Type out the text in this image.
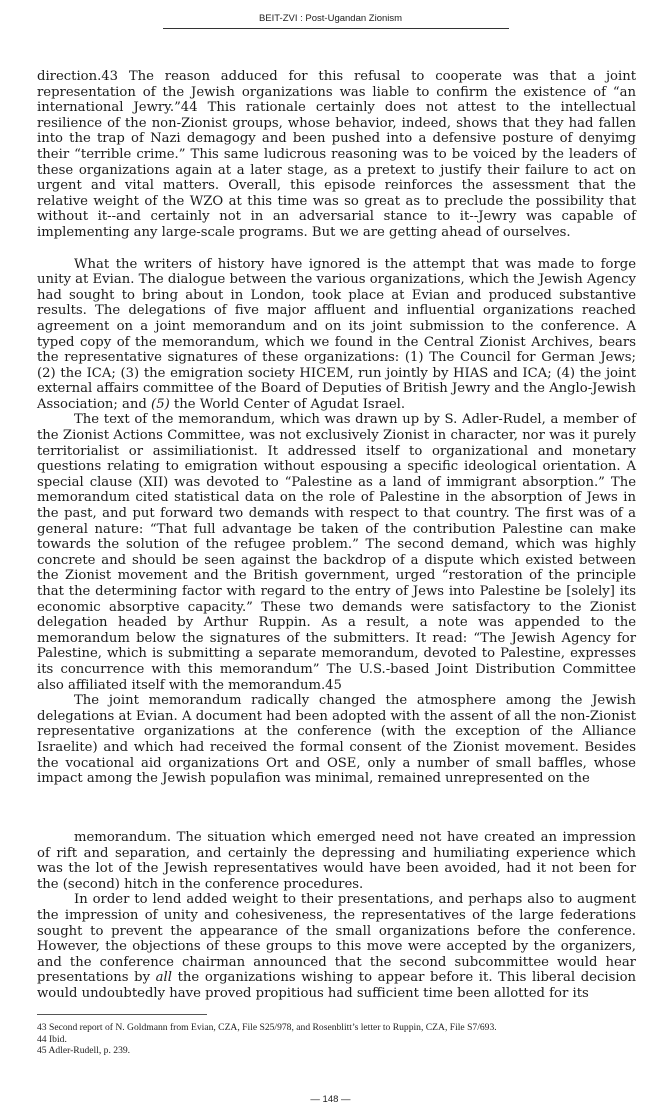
BEIT-ZVI : Post-Ugandan Zionism

direction.43 The reason adduced for this refusal to cooperate was that a joint representation of the Jewish organizations was liable to confirm the existence of “an international Jewry.”44 This rationale certainly does not attest to the intellectual resilience of the non-Zionist groups, whose behavior, indeed, shows that they had fallen into the trap of Nazi demagogy and been pushed into a defensive posture of denyimg their “terrible crime.” This same ludicrous reasoning was to be voiced by the leaders of these organizations again at a later stage, as a pretext to justify their failure to act on urgent and vital matters. Overall, this episode reinforces the assessment that the relative weight of the WZO at this time was so great as to preclude the possibility that without it--and certainly not in an adversarial stance to it--Jewry was capable of implementing any large-scale programs. But we are getting ahead of ourselves.

What the writers of history have ignored is the attempt that was made to forge unity at Evian. The dialogue between the various organizations, which the Jewish Agency had sought to bring about in London, took place at Evian and produced substantive results. The delegations of five major affluent and influential organizations reached agreement on a joint memorandum and on its joint submission to the conference. A typed copy of the memorandum, which we found in the Central Zionist Archives, bears the representative signatures of these organizations: (1) The Council for German Jews; (2) the ICA; (3) the emigration society HICEM, run jointly by HIAS and ICA; (4) the joint external affairs committee of the Board of Deputies of British Jewry and the Anglo-Jewish Association; and (5) the World Center of Agudat Israel.

The text of the memorandum, which was drawn up by S. Adler-Rudel, a member of the Zionist Actions Committee, was not exclusively Zionist in character, nor was it purely territorialist or assimiliationist. It addressed itself to organizational and monetary questions relating to emigration without espousing a specific ideological orientation. A special clause (XII) was devoted to “Palestine as a land of immigrant absorption.” The memorandum cited statistical data on the role of Palestine in the absorption of Jews in the past, and put forward two demands with respect to that country. The first was of a general nature: “That full advantage be taken of the contribution Palestine can make towards the solution of the refugee problem.” The second demand, which was highly concrete and should be seen against the backdrop of a dispute which existed between the Zionist movement and the British government, urged “restoration of the principle that the determining factor with regard to the entry of Jews into Palestine be [solely] its economic absorptive capacity.” These two demands were satisfactory to the Zionist delegation headed by Arthur Ruppin. As a result, a note was appended to the memorandum below the signatures of the submitters. It read: “The Jewish Agency for Palestine, which is submitting a separate memorandum, devoted to Palestine, expresses its concurrence with this memorandum” The U.S.-based Joint Distribution Committee also affiliated itself with the memorandum.45

The joint memorandum radically changed the atmosphere among the Jewish delegations at Evian. A document had been adopted with the assent of all the non-Zionist representative organizations at the conference (with the exception of the Alliance Israelite) and which had received the formal consent of the Zionist movement. Besides the vocational aid organizations Ort and OSE, only a number of small baffles, whose impact among the Jewish populafion was minimal, remained unrepresented on the

memorandum. The situation which emerged need not have created an impression of rift and separation, and certainly the depressing and humiliating experience which was the lot of the Jewish representatives would have been avoided, had it not been for the (second) hitch in the conference procedures.

In order to lend added weight to their presentations, and perhaps also to augment the impression of unity and cohesiveness, the representatives of the large federations sought to prevent the appearance of the small organizations before the conference. However, the objections of these groups to this move were accepted by the organizers, and the conference chairman announced that the second subcommittee would hear presentations by all the organizations wishing to appear before it. This liberal decision would undoubtedly have proved propitious had sufficient time been allotted for its

43 Second report of N. Goldmann from Evian, CZA, File S25/978, and Rosenblitt’s letter to Ruppin, CZA, File S7/693.
44 Ibid.
45 Adler-Rudell, p. 239.
— 148 —
